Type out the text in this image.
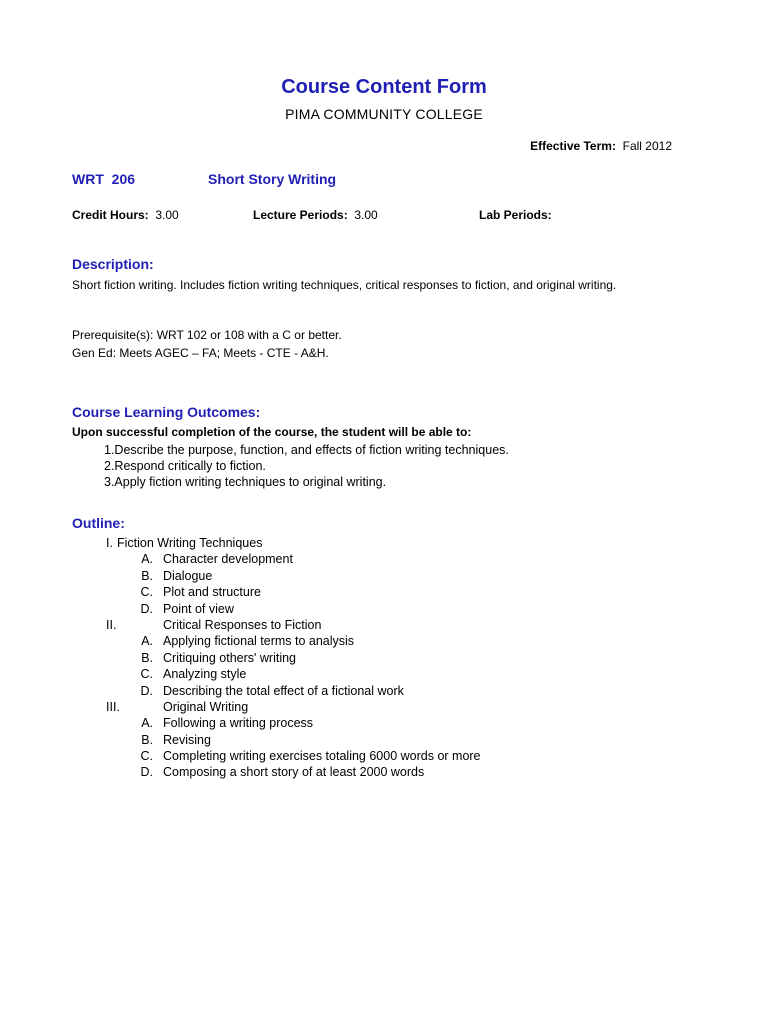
Course Content Form
PIMA COMMUNITY COLLEGE
Effective Term: Fall 2012
WRT  206	Short Story Writing
Credit Hours: 3.00	Lecture Periods: 3.00	Lab Periods:
Description:
Short fiction writing. Includes fiction writing techniques, critical responses to fiction, and original writing.
Prerequisite(s): WRT 102 or 108 with a C or better.
Gen Ed: Meets AGEC – FA; Meets - CTE - A&H.
Course Learning Outcomes:
Upon successful completion of the course, the student will be able to:
1.Describe the purpose, function, and effects of fiction writing techniques.
2.Respond critically to fiction.
3.Apply fiction writing techniques to original writing.
Outline:
I. Fiction Writing Techniques
A. Character development
B. Dialogue
C. Plot and structure
D. Point of view
II.	Critical Responses to Fiction
A. Applying fictional terms to analysis
B. Critiquing others' writing
C. Analyzing style
D. Describing the total effect of a fictional work
III.	Original Writing
A. Following a writing process
B. Revising
C. Completing writing exercises totaling 6000 words or more
D. Composing a short story of at least 2000 words
